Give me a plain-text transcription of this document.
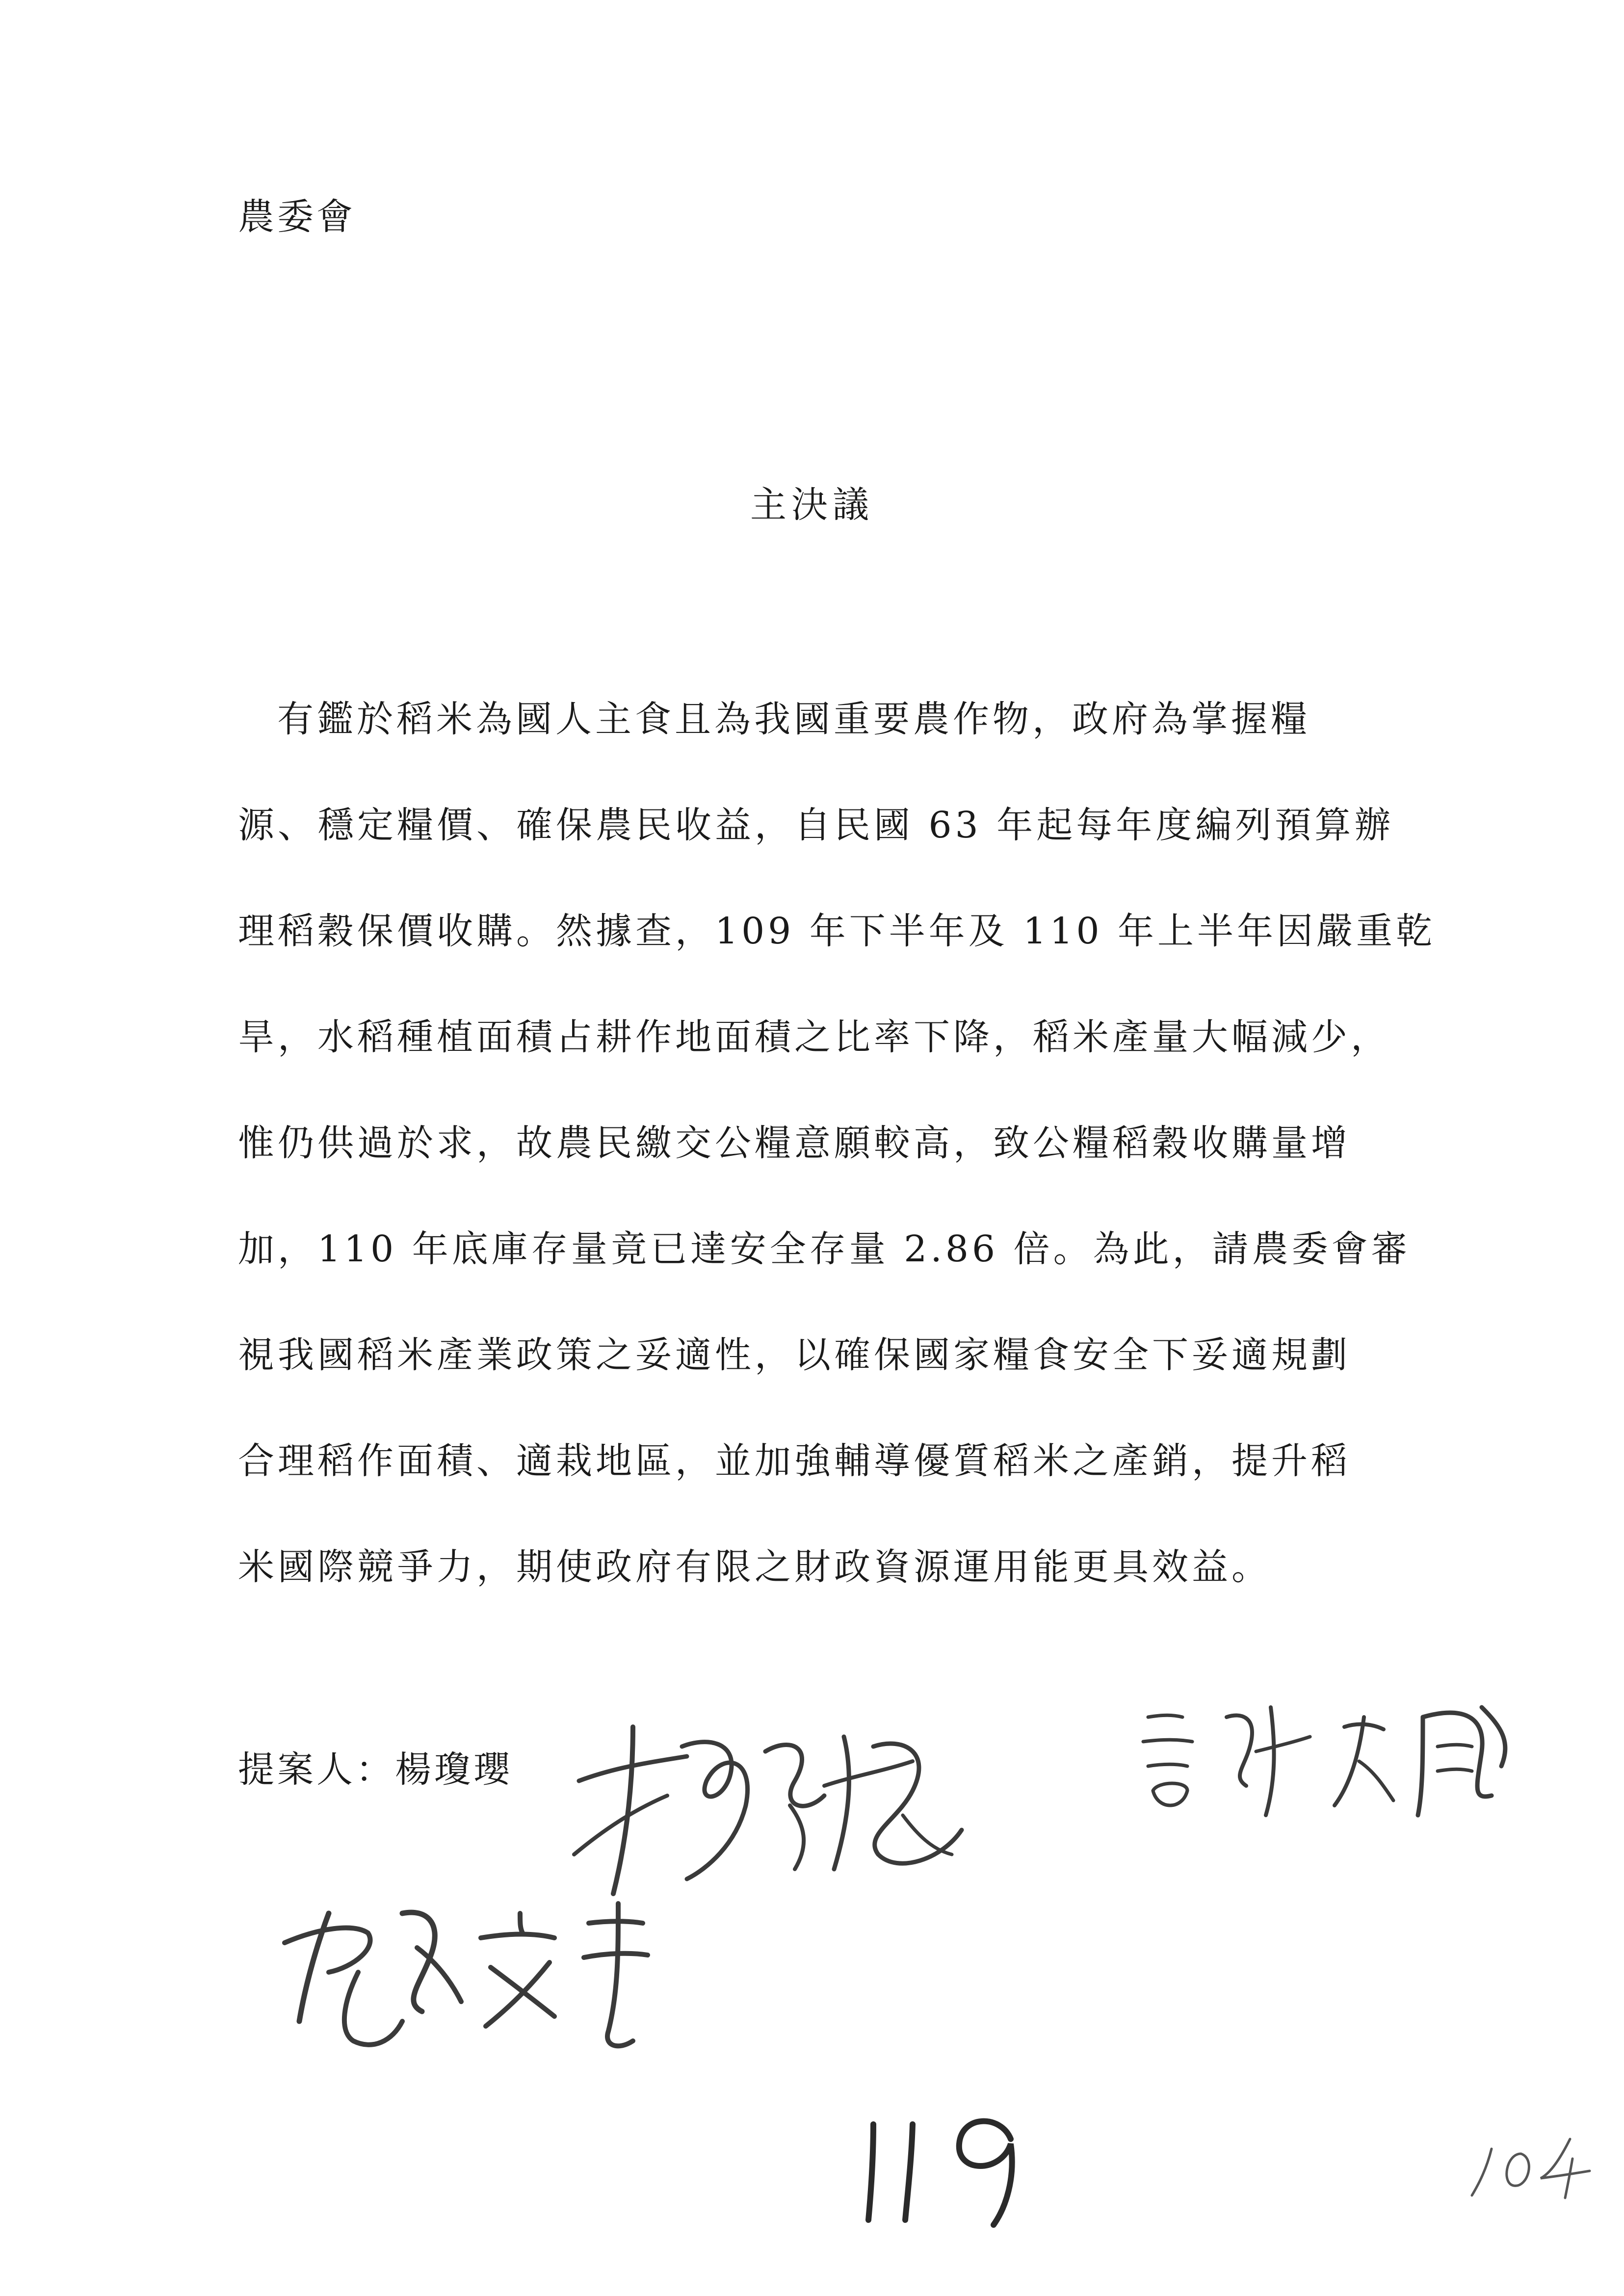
農委會
主決議
有鑑於稻米為國人主食且為我國重要農作物，政府為掌握糧
源、穩定糧價、確保農民收益，自民國 63 年起每年度編列預算辦
理稻穀保價收購。然據查，109 年下半年及 110 年上半年因嚴重乾
旱，水稻種植面積占耕作地面積之比率下降，稻米產量大幅減少，
惟仍供過於求，故農民繳交公糧意願較高，致公糧稻穀收購量增
加，110 年底庫存量竟已達安全存量 2.86 倍。為此，請農委會審
視我國稻米產業政策之妥適性，以確保國家糧食安全下妥適規劃
合理稻作面積、適栽地區，並加強輔導優質稻米之產銷，提升稻
米國際競爭力，期使政府有限之財政資源運用能更具效益。
提案人：楊瓊瓔
